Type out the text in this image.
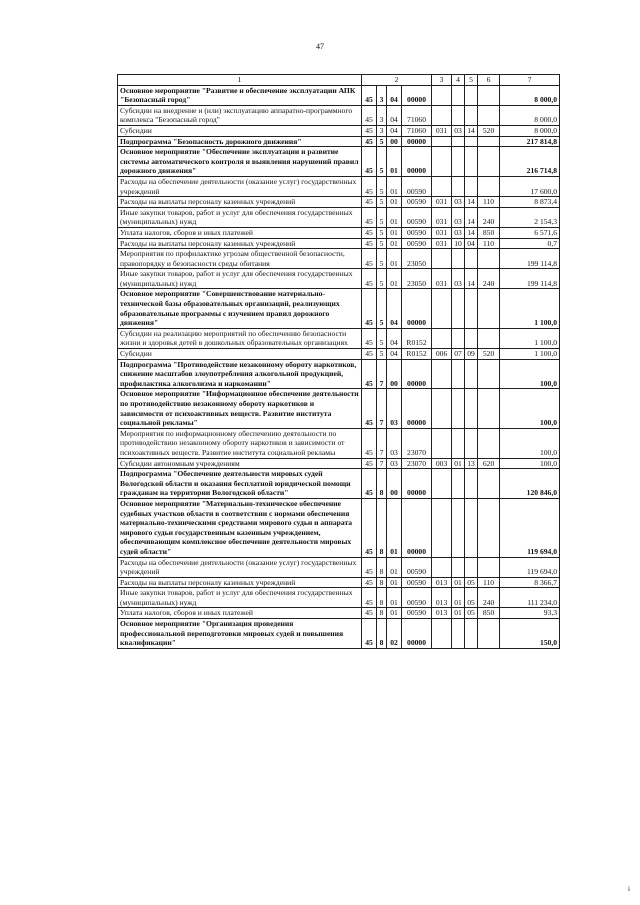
47
1	2				3	4	5	6	7
Основное мероприятие "Развитие и обеспечение эксплуатации АПК "Безопасный город"	45	3	04	00000					8 000,0
Субсидии на внедрение и (или) эксплуатацию аппаратно-программного комплекса "Безопасный город"	45	3	04	71060					8 000,0
Субсидии	45	3	04	71060	031	03	14	520	8 000,0
Подпрограмма "Безопасность дорожного движения"	45	5	00	00000					217 814,8
Основное мероприятие "Обеспечение эксплуатации и развитие системы автоматического контроля и выявления нарушений правил дорожного движения"	45	5	01	00000					216 714,8
Расходы на обеспечение деятельности (оказание услуг) государственных учреждений	45	5	01	00590					17 600,0
Расходы на выплаты персоналу казенных учреждений	45	5	01	00590	031	03	14	110	8 873,4
Иные закупки товаров, работ и услуг для обеспечения государственных (муниципальных) нужд	45	5	01	00590	031	03	14	240	2 154,3
Уплата налогов, сборов и иных платежей	45	5	01	00590	031	03	14	850	6 571,6
Расходы на выплаты персоналу казенных учреждений	45	5	01	00590	031	10	04	110	0,7
Мероприятия по профилактике угрозам общественной безопасности, правопорядку и безопасности среды обитания	45	5	01	23050					199 114,8
Иные закупки товаров, работ и услуг для обеспечения государственных (муниципальных) нужд	45	5	01	23050	031	03	14	240	199 114,8
Основное мероприятие "Совершенствование материально-технической базы образовательных организаций, реализующих образовательные программы с изучением правил дорожного движения"	45	5	04	00000					1 100,0
Субсидии на реализацию мероприятий по обеспечению безопасности жизни и здоровья детей в дошкольных образовательных организациях	45	5	04	R0152					1 100,0
Субсидии	45	5	04	R0152	006	07	09	520	1 100,0
Подпрограмма "Противодействие незаконному обороту наркотиков, снижение масштабов злоупотребления алкогольной продукцией, профилактика алкоголизма и наркомании"	45	7	00	00000					100,0
Основное мероприятие "Информационное обеспечение деятельности по противодействию незаконному обороту наркотиков и зависимости от психоактивных веществ. Развитие института социальной рекламы"	45	7	03	00000					100,0
Мероприятия по информационному обеспечению деятельности по противодействию незаконному обороту наркотиков и зависимости от психоактивных веществ. Развитие института социальной рекламы	45	7	03	23070					100,0
Субсидии автономным учреждениям	45	7	03	23070	003	01	13	620	100,0
Подпрограмма "Обеспечение деятельности мировых судей Вологодской области и оказания бесплатной юридической помощи гражданам на территории Вологодской области"	45	8	00	00000					120 846,0
Основное мероприятие "Материально-техническое обеспечение судебных участков области в соответствии с нормами обеспечения материально-техническими средствами мирового судьи и аппарата мирового судьи государственным казенным учреждением, обеспечивающим комплексное обеспечение деятельности мировых судей области"	45	8	01	00000					119 694,0
Расходы на обеспечение деятельности (оказание услуг) государственных учреждений	45	8	01	00590					119 694,0
Расходы на выплаты персоналу казенных учреждений	45	8	01	00590	013	01	05	110	8 366,7
Иные закупки товаров, работ и услуг для обеспечения государственных (муниципальных) нужд	45	8	01	00590	013	01	05	240	111 234,0
Уплата налогов, сборов и иных платежей	45	8	01	00590	013	01	05	850	93,3
Основное мероприятие "Организация проведения профессиональной переподготовки мировых судей и повышения квалификации"	45	8	02	00000					150,0
i
